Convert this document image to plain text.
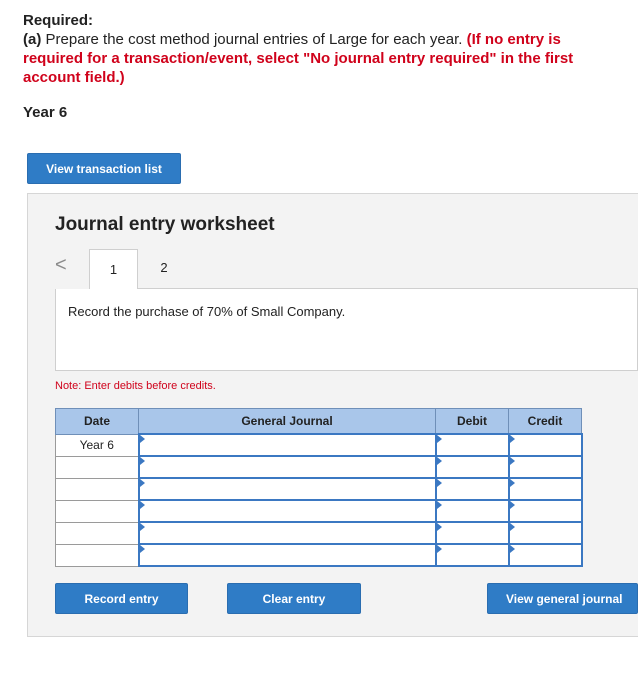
Required:
(a) Prepare the cost method journal entries of Large for each year. (If no entry is required for a transaction/event, select "No journal entry required" in the first account field.)
Year 6
View transaction list
Journal entry worksheet
<	1	2
Record the purchase of 70% of Small Company.
Note: Enter debits before credits.
Date	General Journal	Debit	Credit
Year 6			

Record entry	Clear entry	View general journal
